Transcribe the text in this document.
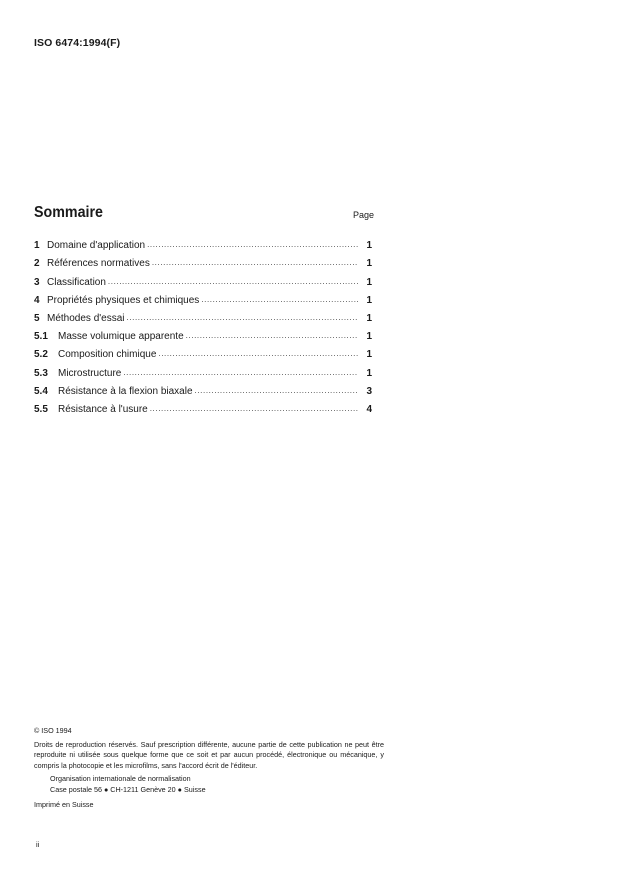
ISO 6474:1994(F)
Sommaire	Page
1 Domaine d'application .....	1
2 Références normatives .....	1
3 Classification .....	1
4 Propriétés physiques et chimiques .....	1
5 Méthodes d'essai .....	1
5.1	Masse volumique apparente .....	1
5.2	Composition chimique .....	1
5.3	Microstructure .....	1
5.4	Résistance à la flexion biaxale .....	3
5.5	Résistance à l'usure .....	4
© ISO 1994
Droits de reproduction réservés. Sauf prescription différente, aucune partie de cette publication ne peut être reproduite ni utilisée sous quelque forme que ce soit et par aucun procédé, électronique ou mécanique, y compris la photocopie et les microfilms, sans l'accord écrit de l'éditeur.
Organisation internationale de normalisation
Case postale 56 ● CH-1211 Genève 20 ● Suisse
Imprimé en Suisse
ii
